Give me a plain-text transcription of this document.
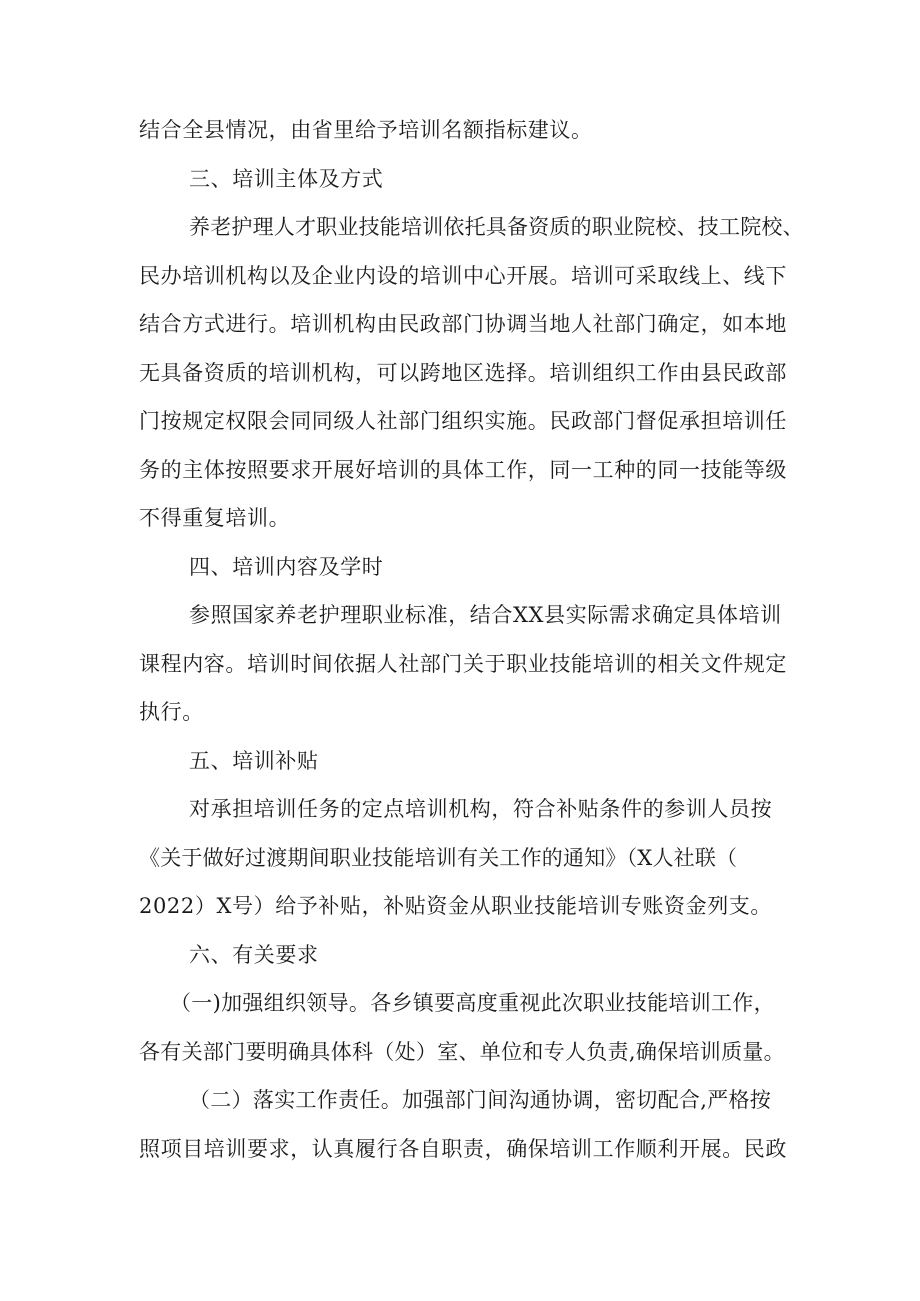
结合全县情况，由省里给予培训名额指标建议。
三、培训主体及方式
养老护理人才职业技能培训依托具备资质的职业院校、技工院校、
民办培训机构以及企业内设的培训中心开展。培训可采取线上、线下
结合方式进行。培训机构由民政部门协调当地人社部门确定，如本地
无具备资质的培训机构，可以跨地区选择。培训组织工作由县民政部
门按规定权限会同同级人社部门组织实施。民政部门督促承担培训任
务的主体按照要求开展好培训的具体工作，同一工种的同一技能等级
不得重复培训。
四、培训内容及学时
参照国家养老护理职业标准，结合XX县实际需求确定具体培训
课程内容。培训时间依据人社部门关于职业技能培训的相关文件规定
执行。
五、培训补贴
对承担培训任务的定点培训机构，符合补贴条件的参训人员按
《关于做好过渡期间职业技能培训有关工作的通知》（X人社联（
2022）X号）给予补贴，补贴资金从职业技能培训专账资金列支。
六、有关要求
（一)加强组织领导。各乡镇要高度重视此次职业技能培训工作，
各有关部门要明确具体科（处）室、单位和专人负责,确保培训质量。
（二）落实工作责任。加强部门间沟通协调，密切配合,严格按
照项目培训要求，认真履行各自职责，确保培训工作顺利开展。民政
